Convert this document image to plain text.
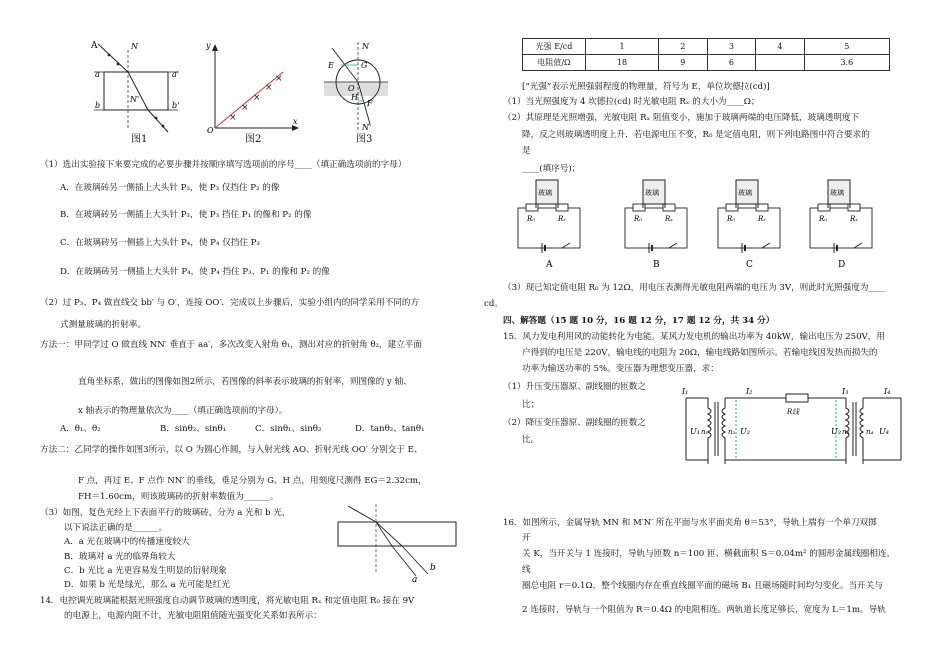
A	N
a	a'
b	b'
N'
图1
×
×
×
×
×
y
O
x
图2
N
E	G
O
H
F
N'
图3
（1）选出实验接下来要完成的必要步骤并按顺序填写选项前的序号____（填正确选项前的字母）
A．在玻璃砖另一侧插上大头针 P₃，使 P₃ 仅挡住 P₂ 的像
B．在玻璃砖另一侧插上大头针 P₃，使 P₃ 挡住 P₁ 的像和 P₂ 的像
C．在玻璃砖另一侧插上大头针 P₄，使 P₄ 仅挡住 P₃
D．在玻璃砖另一侧插上大头针 P₄，使 P₄ 挡住 P₃、P₁ 的像和 P₂ 的像
（2）过 P₃、P₄ 做直线交 bb′ 与 O′，连接 OO′．完成以上步骤后，实验小组内的同学采用不同的方
式测量玻璃的折射率。
方法一：甲同学过 O 做直线 NN′ 垂直于 aa′，多次改变入射角 θ₁，测出对应的折射角 θ₂，建立平面
直角坐标系，做出的图像如图2所示，若图像的斜率表示玻璃的折射率，则图像的 y 轴、
x 轴表示的物理量依次为____（填正确选项前的字母）。
A．θ₁、θ₂	B．sinθ₂、sinθ₁	C．sinθ₁、sinθ₂	D．tanθ₂、tanθ₁
方法二：乙同学的操作如图3所示，以 O 为圆心作圆，与入射光线 AO、折射光线 OO′ 分别交于 E、
F 点，再过 E、F 点作 NN′ 的垂线，垂足分别为 G、H 点，用刻度尺测得 EG＝2.32cm，
FH＝1.60cm，则该玻璃砖的折射率数值为______。
（3）如图，复色光经上下表面平行的玻璃砖，分为 a 光和 b 光，
以下说法正确的是______。
A．a 光在玻璃中的传播速度较大
B．玻璃对 a 光的临界角较大
C．b 光比 a 光更容易发生明显的衍射现象
D．如果 b 光是绿光，那么 a 光可能是红光
14．电控调光玻璃能根据光照强度自动调节玻璃的透明度，将光敏电阻 Rₓ 和定值电阻 R₀ 接在 9V
的电源上，电源内阻不计，光敏电阻阻值随光强变化关系如表所示：
a
b
光强 E/cd	1	2	3	4	5
电阻值/Ω	18	9	6		3.6
[“光强”表示光照强弱程度的物理量，符号为 E，单位坎德拉(cd)]
（1）当光照强度为 4 坎德拉(cd) 时光敏电阻 Rₓ 的大小为____Ω；
（2）其原理是光照增强，光敏电阻 Rₓ 阻值变小，施加于玻璃两端的电压降低，玻璃透明度下
降，反之则玻璃透明度上升．若电源电压不变，R₀ 是定值电阻，则下列电路图中符合要求的
是
____(填序号)；
玻璃
R₀	Rₓ
A
玻璃
R₀	Rₓ
B
玻璃
R₀	Rₓ
C
玻璃
R₀	Rₓ
D
（3）现已知定值电阻 R₀ 为 12Ω，用电压表测得光敏电阻两端的电压为 3V，则此时光照强度为____
cd。
四、解答题（15 题 10 分，16 题 12 分，17 题 12 分，共 34 分）
15．风力发电利用风的动能转化为电能。某风力发电机的输出功率为 40kW，输出电压为 250V，用
户得到的电压是 220V，输电线的电阻为 20Ω，输电线路如图所示。若输电线因发热而损失的
功率为输送功率的 5%。变压器为理想变压器，求：
（1）升压变压器原、副线圈的匝数之
比；
（2）降压变压器原、副线圈的匝数之
比。
I₁	I₂	I₃	I₄
R线
U₁ n₁	n₂ U₂	U₃ n₃ n₄ U₄
16．如图所示，金属导轨 MN 和 M′N′ 所在平面与水平面夹角 θ＝53°，导轨上端有一个单刀双掷
开
关 K，当开关与 1 连接时，导轨与匝数 n＝100 匝、横截面积 S＝0.04m² 的圆形金属线圈相连，
线
圈总电阻 r＝0.1Ω，整个线圈内存在垂直线圈平面的磁场 B₁ 且磁场随时间均匀变化。当开关与
2 连接时，导轨与一个阻值为 R＝0.4Ω 的电阻相连。两轨道长度足够长，宽度为 L＝1m。导轨
